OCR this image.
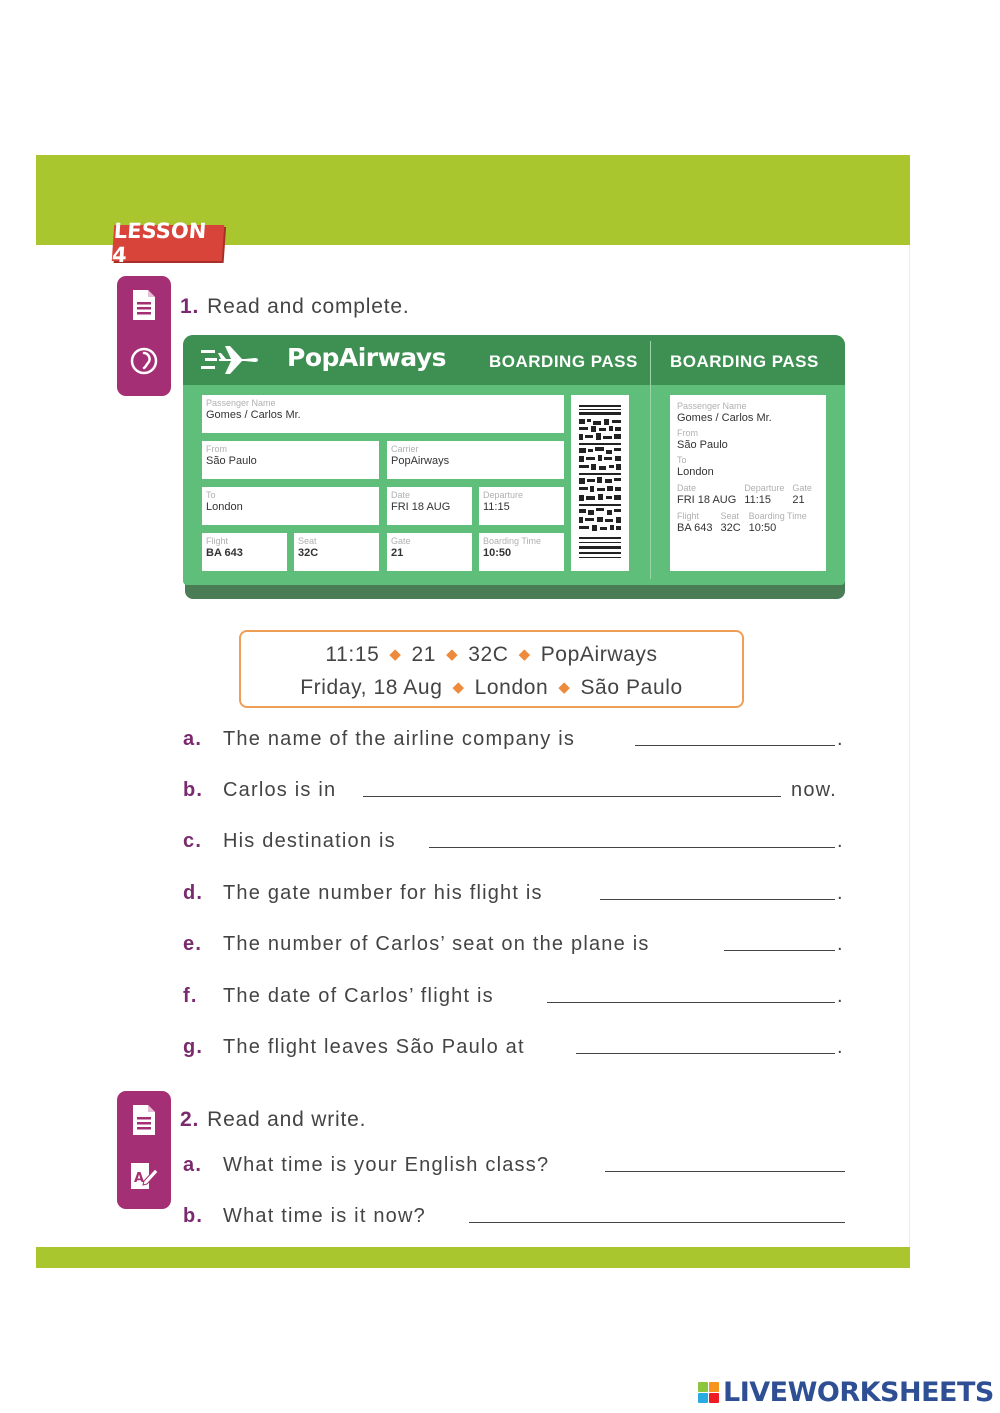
LESSON 4
1. Read and complete.
PopAirways	BOARDING PASS BOARDING PASS
Passenger Name
Gomes / Carlos Mr.
From
São Paulo
Carrier
PopAirways
To
London
Date
FRI 18 AUG
Departure
11:15
Flight
BA 643
Seat
32C
Gate
21
Boarding Time
10:50
Passenger Name
Gomes / Carlos Mr.
From
São Paulo
To
London
Date
FRI 18 AUG
Departure
11:15
Gate
21
Flight
BA 643
Seat
32C
Boarding Time
10:50
11:15 ◆ 21 ◆ 32C ◆ PopAirways
Friday, 18 Aug ◆ London ◆ São Paulo
a. The name of the airline company is	.
b. Carlos is in	now.
c. His destination is	.
d. The gate number for his flight is	.
e. The number of Carlos’ seat on the plane is	.
f. The date of Carlos’ flight is	.
g. The flight leaves São Paulo at	.
A
2. Read and write.
a. What time is your English class?
b. What time is it now?
LIVEWORKSHEETS
